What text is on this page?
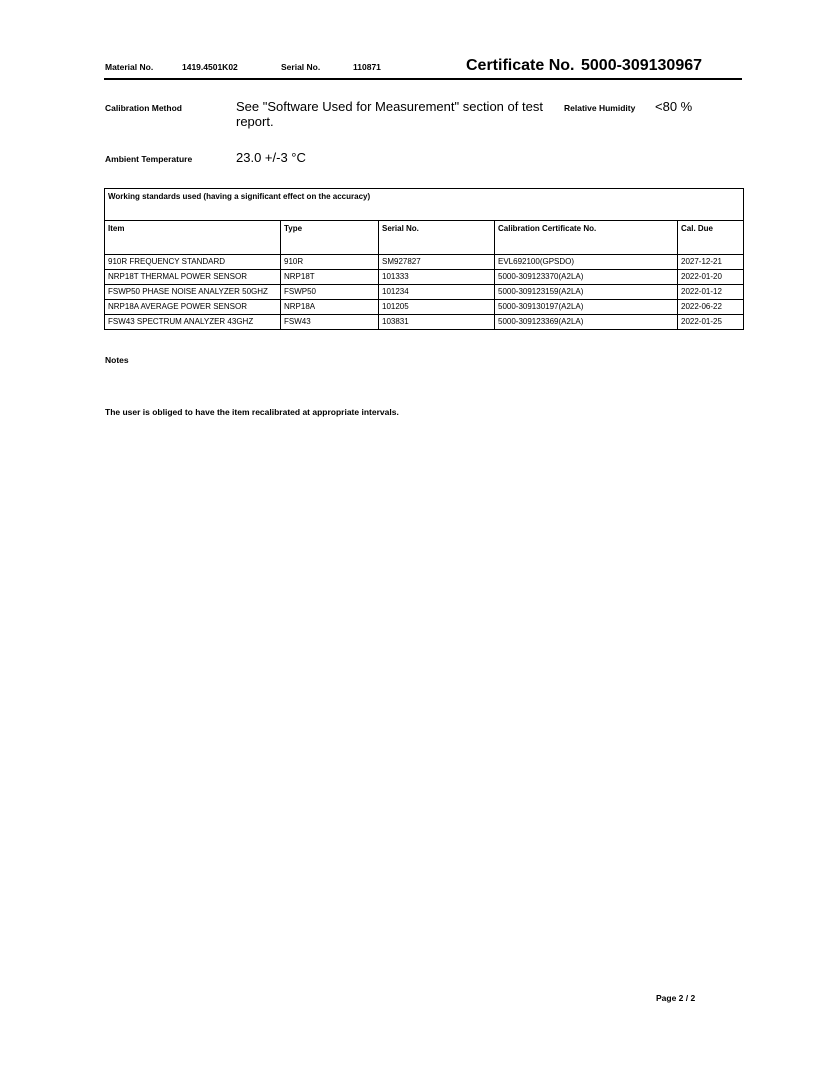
Material No.	1419.4501K02	Serial No.	110871	Certificate No. 5000-309130967
Calibration Method	See "Software Used for Measurement" section of test
report.
Relative Humidity <80 %
Ambient Temperature	23.0 +/-3 °C
Working standards used (having a significant effect on the accuracy)				
Item	Type	Serial No.	Calibration Certificate No.	Cal. Due
910R FREQUENCY STANDARD	910R	SM927827	EVL692100(GPSDO)	2027-12-21
NRP18T THERMAL POWER SENSOR	NRP18T	101333	5000-309123370(A2LA)	2022-01-20
FSWP50 PHASE NOISE ANALYZER 50GHZ	FSWP50	101234	5000-309123159(A2LA)	2022-01-12
NRP18A AVERAGE POWER SENSOR	NRP18A	101205	5000-309130197(A2LA)	2022-06-22
FSW43 SPECTRUM ANALYZER 43GHZ	FSW43	103831	5000-309123369(A2LA)	2022-01-25
Notes
The user is obliged to have the item recalibrated at appropriate intervals.
Page 2 / 2
